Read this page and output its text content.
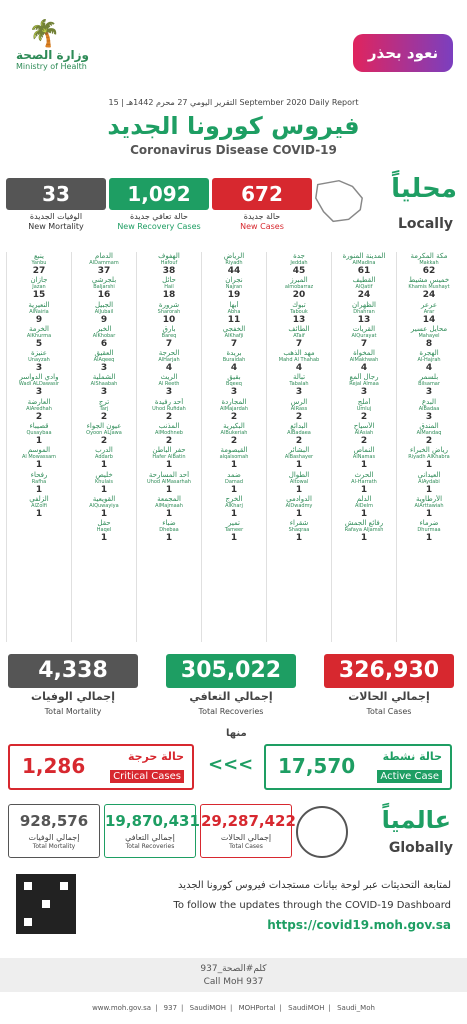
🌴
وزارة الصحة
Ministry of Health
نعود بحذر
التقرير اليومي 27 محرم 1442هـ | 15 September 2020 Daily Report
فيروس كورونا الجديد
Coronavirus Disease COVID-19
محلياً
Locally
672
حالة جديدة
New Cases
1,092
حالة تعافي جديدة
New Recovery Cases
33
الوفيات الجديدة
New Mortality
مكة المكرمة
Makkah
62
خميس مشيط
Khamis Mushayt
24
عرعر
Arar
14
محايل عسير
Mahayel
8
الهجرة
Al-Hajrah
4
بلسمر
Bilsamar
3
البدع
AlBadaa
3
المندق
AlMandaq
2
رياض الخبراء
Riyadh AlKhabra
1
العيداني
AlAydabi
1
الأرطاوية
AlArttawiah
1
ضرماء
Dhurmaa
1
المدينة المنورة
AlMadina
61
القطيف
AlQatif
24
الظهران
Dhahran
13
القريات
AlQurayat
7
المخواة
AlMakhwah
4
رجال ألمع
Rejal Almaa
3
أملج
Umluj
2
الأسياح
AlAsiah
2
النماص
AlNamas
1
الحرث
Al-Harrath
1
الدلم
AlDelm
1
رفائع الجمش
Rafaya Aljamsh
1
جدة
Jeddah
45
المبرز
almobarraz
20
تبوك
Tabouk
13
الطائف
ATaif
7
مهد الذهب
Mahd Al Thahab
4
تبالة
Tabalah
3
الرس
AlRass
2
البدائع
AlBadaea
2
البشائر
AlBashayer
1
الطوال
Altowal
1
الدوادمي
AlDwadmy
1
شقراء
Shaqraa
1
الرياض
Riyadh
44
نجران
Najran
19
أبها
Abha
11
الخفجي
AlKhafji
7
بريدة
Buraidah
4
بقيق
Bqeeq
3
المجاردة
AlMajardah
2
البكيرية
AlBukeriah
2
القيصومة
alqaisomah
1
ضمد
Damad
1
الخرج
AlKharj
1
تمير
Tameer
1
الهفوف
Hafouf
38
حائل
Hail
18
شرورة
Sharorah
10
بارق
Bareq
7
الحرجة
AlHarjah
4
الريث
Al Reeth
3
أحد رفيدة
Uhod Rufidah
2
المذنب
AlModhneb
2
حفر الباطن
Hafer AlBatin
1
أحد المسارحة
Uhod AlMasarhah
1
المجمعة
AlMajmaah
1
ضباء
Dhebaa
1
الدمام
AlDammam
37
بلجرشي
Baljarshi
16
الجبيل
AlJubail
9
الخبر
AlKhobar
6
العقيق
AlAqeeq
3
الشملية
AlShaabah
3
ترج
Tarj
2
عيون الجواء
Oyoon ALJawa
2
الدرب
Addarb
1
خليص
Khulais
1
القويعية
AlQuwayiya
1
حقل
Haqel
1
ينبع
Yanbu
27
جازان
Jazan
15
النعيرية
AlNairia
9
الخرمة
AlKhurma
5
عنيزة
Unayzah
3
وادي الدواسر
Wadi ALDawasir
3
العارضة
AlAredhah
2
قصيباء
Qusaybaa
1
الموسم
Al Mowassam
1
رفحاء
Rafha
1
الزلفي
AlZolfi
1
326,930
إجمالي الحالات
Total Cases
305,022
إجمالي التعافي
Total Recoveries
4,338
إجمالي الوفيات
Total Mortality
منها
17,570 حالة نشطة
Active Case
<<<
1,286	حالة حرجة
Critical Cases
عالمياً
Globally
29,287,422
إجمالي الحالات
Total Cases
19,870,431
إجمالي التعافي
Total Recoveries
928,576
إجمالي الوفيات
Total Mortality
لمتابعة التحديثات عبر لوحة بيانات مستجدات فيروس كورونا الجديد
To follow the updates through the COVID-19 Dashboard
https://covid19.moh.gov.sa
كلم#الصحة_937
Call MoH 937
www.moh.gov.sa | 937 | SaudiMOH | MOHPortal | SaudiMOH | Saudi_Moh
